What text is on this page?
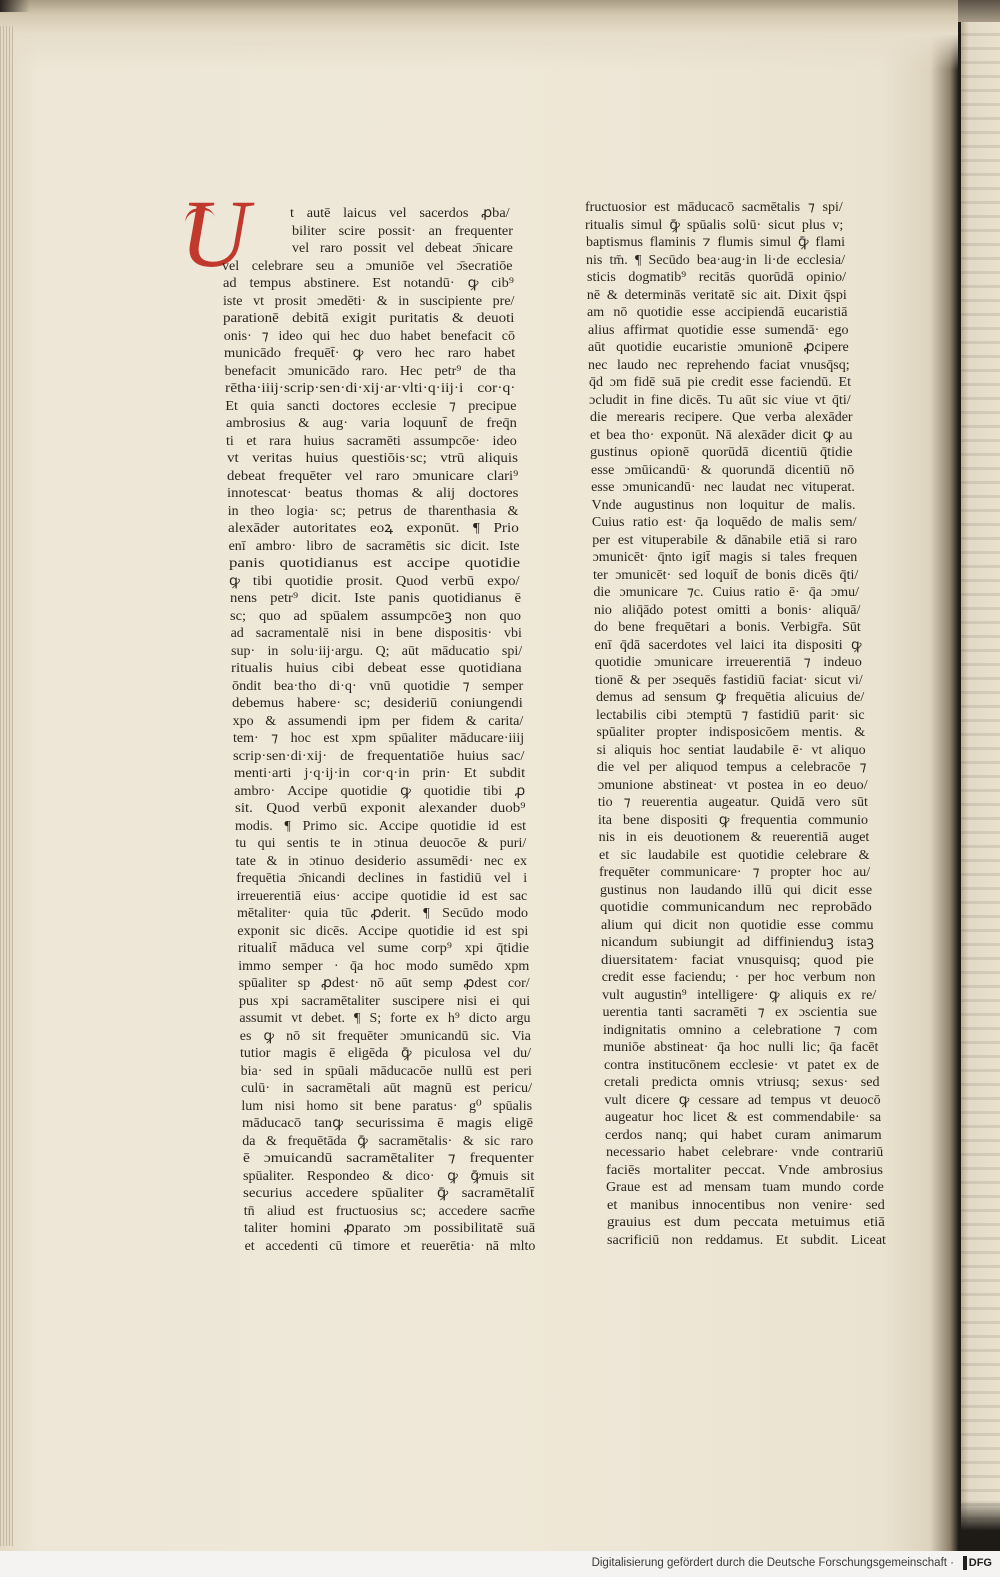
U	t autē laicus vel sacerdos ꝓba/
biliter scire possit· an frequenter
vel raro possit vel debeat ɔ̄nicare
vel celebrare seu a ɔmuniōe vel ɔ̄secratiōe
ad tempus abstinere. Est notandū· ꝙ cib⁹
iste vt prosit ɔmedēti· & in suscipiente pre/
parationē debitā exigit puritatis & deuoti
onis· ⁊ ideo qui hec duo habet benefacit cō
municādo frequēt̄· ꝙ vero hec raro habet
benefacit ɔmunicādo raro. Hec petr⁹ de tha
rētha·iiij·scrip·sen·di·xij·ar·vlti·q·iij·i cor·q·
Et quia sancti doctores ecclesie ⁊ precipue
ambrosius & aug· varia loquunt̄ de freq̄n
ti et rara huius sacramēti assumpcōe· ideo
vt veritas huius questiōis·sc; vtrū aliquis
debeat frequēter vel raro ɔmunicare clari⁹
innotescat· beatus thomas & alij doctores
in theo logia· sc; petrus de tharenthasia &
alexāder autoritates eoꝝ exponūt. ¶ Prio
enī ambro· libro de sacramētis sic dicit. Iste
panis quotidianus est accipe quotidie
ꝙ tibi quotidie prosit. Quod verbū expo/
nens petr⁹ dicit. Iste panis quotidianus ē
sc; quo ad spūalem assumpcōeꝫ non quo
ad sacramentalē nisi in bene dispositis· vbi
sup· in solu·iij·argu. Q; aūt māducatio spi/
ritualis huius cibi debeat esse quotidiana
ōndit bea·tho di·q· vnū quotidie ⁊ semper
debemus habere· sc; desideriū coniungendi
xpo & assumendi ipm per fidem & carita/
tem· ⁊ hoc est xpm spūaliter māducare·iiij
scrip·sen·di·xij· de frequentatiōe huius sac/
menti·arti j·q·ij·in cor·q·in prin· Et subdit
ambro· Accipe quotidie ꝙ quotidie tibi ꝓ
sit. Quod verbū exponit alexander duob⁹
modis. ¶ Primo sic. Accipe quotidie id est
tu qui sentis te in ɔtinua deuocōe & puri/
tate & in ɔtinuo desiderio assumēdi· nec ex
frequētia ɔ̄nicandi declines in fastidiū vel i
irreuerentiā eius· accipe quotidie id est sac
mētaliter· quia tūc ꝓderit. ¶ Secūdo modo
exponit sic dicēs. Accipe quotidie id est spi
ritualit̄ māduca vel sume corp⁹ xpi q̄tidie
immo semper · q̄a hoc modo sumēdo xpm
spūaliter sp ꝓdest· nō aūt semp ꝓdest cor/
pus xpi sacramētaliter suscipere nisi ei qui
assumit vt debet. ¶ S; forte ex h⁹ dicto argu
es ꝙ nō sit frequēter ɔmunicandū sic. Via
tutior magis ē eligēda ꝙ̄ piculosa vel du/
bia· sed in spūali māducacōe nullū est peri
culū· in sacramētali aūt magnū est pericu/
lum nisi homo sit bene paratus· g⁰ spūalis
māducacō tanꝙ securissima ē magis eligē
da & frequētāda ꝙ̄ sacramētalis· & sic raro
ē ɔmuicandū sacramētaliter ⁊ frequenter
spūaliter. Respondeo & dico· ꝙ ꝙ̄muis sit
securius accedere spūaliter ꝙ̄ sacramētalit̄
tn̄ aliud est fructuosius sc; accedere sacm̄e
taliter homini ꝓparato ɔm possibilitatē suā
et accedenti cū timore et reuerētia· nā mlto
fructuosior est māducacō sacmētalis ⁊ spi/
ritualis simul ꝙ̄ spūalis solū· sicut plus v;
baptismus flaminis ⁊ flumis simul ꝙ̄ flami
nis tm̄. ¶ Secūdo bea·aug·in li·de ecclesia/
sticis dogmatib⁹ recitās quorūdā opinio/
nē & determinās veritatē sic ait. Dixit q̄spi
am nō quotidie esse accipiendā eucaristiā
alius affirmat quotidie esse sumendā· ego
aūt quotidie eucaristie ɔmunionē ꝓcipere
nec laudo nec reprehendo faciat vnusq̄sq;
q̄d ɔm fidē suā pie credit esse faciendū. Et
ɔcludit in fine dicēs. Tu aūt sic viue vt q̄ti/
die merearis recipere. Que verba alexāder
et bea tho· exponūt. Nā alexāder dicit ꝙ au
gustinus opionē quorūdā dicentiū q̄tidie
esse ɔmūicandū· & quorundā dicentiū nō
esse ɔmunicandū· nec laudat nec vituperat.
Vnde augustinus non loquitur de malis.
Cuius ratio est· q̄a loquēdo de malis sem/
per est vituperabile & dānabile etiā si raro
ɔmunicēt· q̄nto igit̄ magis si tales frequen
ter ɔmunicēt· sed loquit̄ de bonis dicēs q̄ti/
die ɔmunicare ⁊c. Cuius ratio ē· q̄a ɔmu/
nio aliq̄ādo potest omitti a bonis· aliquā/
do bene frequētari a bonis. Verbigr̄a. Sūt
enī q̄dā sacerdotes vel laici ita dispositi ꝙ
quotidie ɔmunicare irreuerentiā ⁊ indeuo
tionē & per ɔsequēs fastidiū faciat· sicut vi/
demus ad sensum ꝙ frequētia alicuius de/
lectabilis cibi ɔtemptū ⁊ fastidiū parit· sic
spūaliter propter indisposicōem mentis. &
si aliquis hoc sentiat laudabile ē· vt aliquo
die vel per aliquod tempus a celebracōe ⁊
ɔmunione abstineat· vt postea in eo deuo/
tio ⁊ reuerentia augeatur. Quidā vero sūt
ita bene dispositi ꝙ frequentia communio
nis in eis deuotionem & reuerentiā auget
et sic laudabile est quotidie celebrare &
frequēter communicare· ⁊ propter hoc au/
gustinus non laudando illū qui dicit esse
quotidie communicandum nec reprobādo
alium qui dicit non quotidie esse commu
nicandum subiungit ad diffinienduꝫ istaꝫ
diuersitatem· faciat vnusquisq; quod pie
credit esse faciendu; · per hoc verbum non
vult augustin⁹ intelligere· ꝙ aliquis ex re/
uerentia tanti sacramēti ⁊ ex ɔscientia sue
indignitatis omnino a celebratione ⁊ com
muniōe abstineat· q̄a hoc nulli lic; q̄a facēt
contra institucōnem ecclesie· vt patet ex de
cretali predicta omnis vtriusq; sexus· sed
vult dicere ꝙ cessare ad tempus vt deuocō
augeatur hoc licet & est commendabile· sa
cerdos nanq; qui habet curam animarum
necessario habet celebrare· vnde contrariū
faciēs mortaliter peccat. Vnde ambrosius
Graue est ad mensam tuam mundo corde
et manibus innocentibus non venire· sed
grauius est dum peccata metuimus etiā
sacrificiū non reddamus. Et subdit. Liceat
Digitalisierung gefördert durch die Deutsche Forschungsgemeinschaft ·	DFG
